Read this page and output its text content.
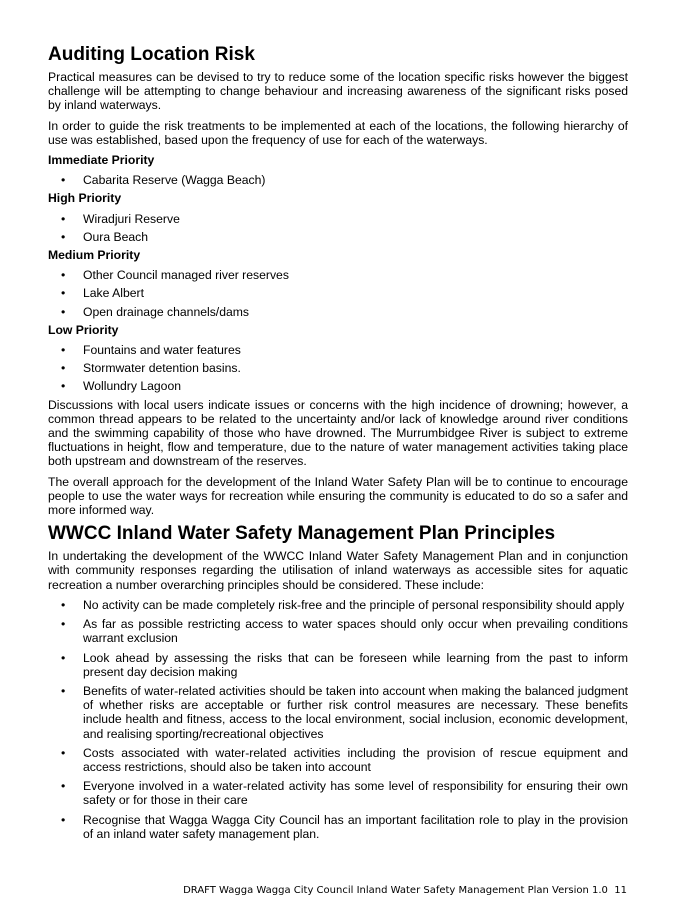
Auditing Location Risk

Practical measures can be devised to try to reduce some of the location specific risks however the biggest challenge will be attempting to change behaviour and increasing awareness of the significant risks posed by inland waterways.

In order to guide the risk treatments to be implemented at each of the locations, the following hierarchy of use was established, based upon the frequency of use for each of the waterways.

Immediate Priority
• Cabarita Reserve (Wagga Beach)
High Priority
• Wiradjuri Reserve
• Oura Beach
Medium Priority
• Other Council managed river reserves
• Lake Albert
• Open drainage channels/dams
Low Priority
• Fountains and water features
• Stormwater detention basins.
• Wollundry Lagoon

Discussions with local users indicate issues or concerns with the high incidence of drowning; however, a common thread appears to be related to the uncertainty and/or lack of knowledge around river conditions and the swimming capability of those who have drowned. The Murrumbidgee River is subject to extreme fluctuations in height, flow and temperature, due to the nature of water management activities taking place both upstream and downstream of the reserves.

The overall approach for the development of the Inland Water Safety Plan will be to continue to encourage people to use the water ways for recreation while ensuring the community is educated to do so a safer and more informed way.

WWCC Inland Water Safety Management Plan Principles

In undertaking the development of the WWCC Inland Water Safety Management Plan and in conjunction with community responses regarding the utilisation of inland waterways as accessible sites for aquatic recreation a number overarching principles should be considered. These include:

• No activity can be made completely risk-free and the principle of personal responsibility should apply
• As far as possible restricting access to water spaces should only occur when prevailing conditions warrant exclusion
• Look ahead by assessing the risks that can be foreseen while learning from the past to inform present day decision making
• Benefits of water-related activities should be taken into account when making the balanced judgment of whether risks are acceptable or further risk control measures are necessary. These benefits include health and fitness, access to the local environment, social inclusion, economic development, and realising sporting/recreational objectives
• Costs associated with water-related activities including the provision of rescue equipment and access restrictions, should also be taken into account
• Everyone involved in a water-related activity has some level of responsibility for ensuring their own safety or for those in their care
• Recognise that Wagga Wagga City Council has an important facilitation role to play in the provision of an inland water safety management plan.
DRAFT Wagga Wagga City Council Inland Water Safety Management Plan Version 1.0 11
